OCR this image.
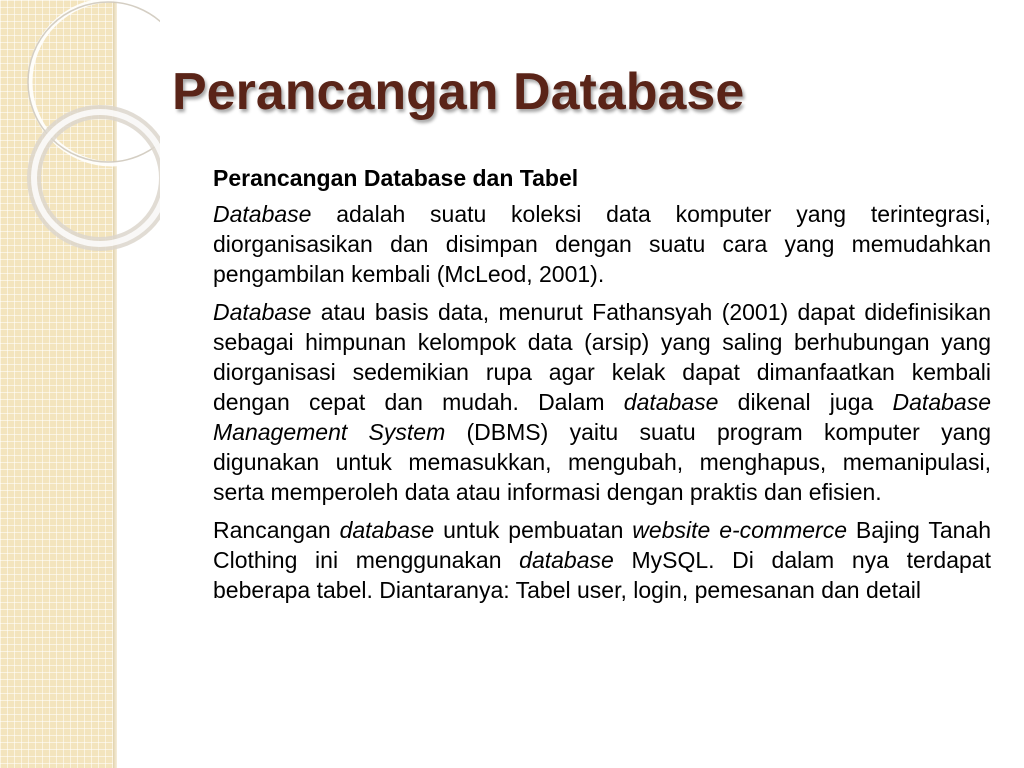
Perancangan Database

Perancangan Database dan Tabel

Database adalah suatu koleksi data komputer yang terintegrasi, diorganisasikan dan disimpan dengan suatu cara yang memudahkan pengambilan kembali (McLeod, 2001).

Database atau basis data, menurut Fathansyah (2001) dapat didefinisikan sebagai himpunan kelompok data (arsip) yang saling berhubungan yang diorganisasi sedemikian rupa agar kelak dapat dimanfaatkan kembali dengan cepat dan mudah. Dalam database dikenal juga Database Management System (DBMS) yaitu suatu program komputer yang digunakan untuk memasukkan, mengubah, menghapus, memanipulasi, serta memperoleh data atau informasi dengan praktis dan efisien.

Rancangan database untuk pembuatan website e-commerce Bajing Tanah Clothing ini menggunakan database MySQL. Di dalam nya terdapat beberapa tabel. Diantaranya: Tabel user, login, pemesanan dan detail
